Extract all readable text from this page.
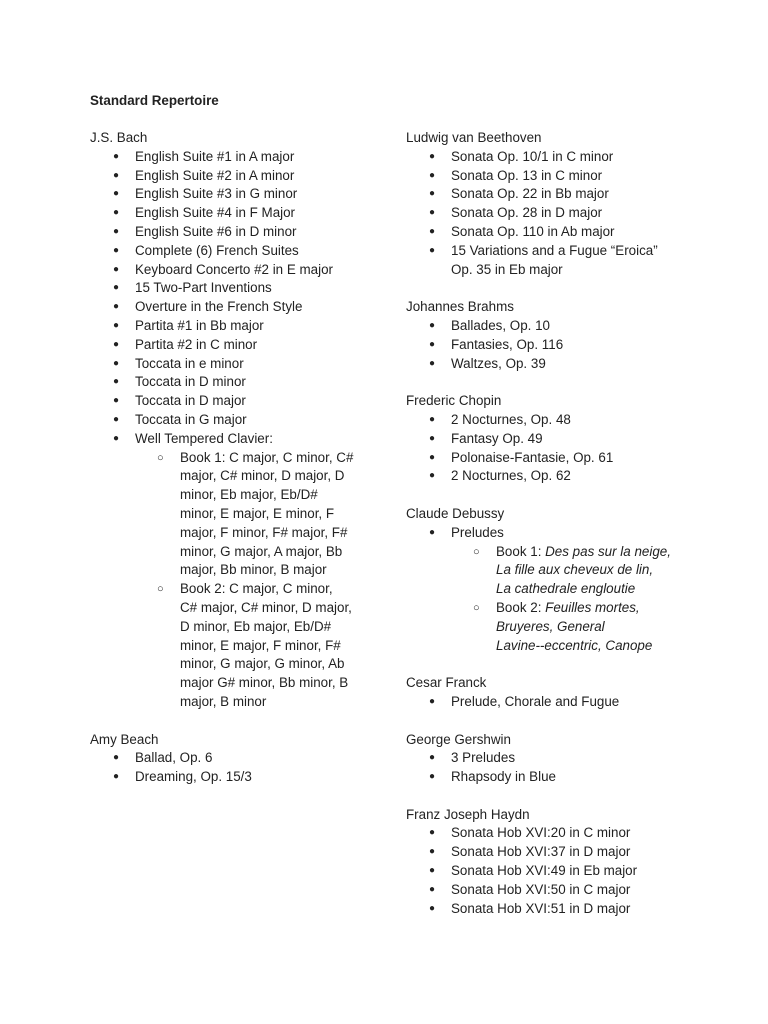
Standard Repertoire
J.S. Bach
● English Suite #1 in A major
● English Suite #2 in A minor
● English Suite #3 in G minor
● English Suite #4 in F Major
● English Suite #6 in D minor
● Complete (6) French Suites
● Keyboard Concerto #2 in E major
● 15 Two-Part Inventions
● Overture in the French Style
● Partita #1 in Bb major
● Partita #2 in C minor
● Toccata in e minor
● Toccata in D minor
● Toccata in D major
● Toccata in G major
● Well Tempered Clavier:
○ Book 1: C major, C minor, C#
major, C# minor, D major, D
minor, Eb major, Eb/D#
minor, E major, E minor, F
major, F minor, F# major, F#
minor, G major, A major, Bb
major, Bb minor, B major
○ Book 2: C major, C minor,
C# major, C# minor, D major,
D minor, Eb major, Eb/D#
minor, E major, F minor, F#
minor, G major, G minor, Ab
major G# minor, Bb minor, B
major, B minor
Amy Beach
● Ballad, Op. 6
● Dreaming, Op. 15/3
Ludwig van Beethoven
● Sonata Op. 10/1 in C minor
● Sonata Op. 13 in C minor
● Sonata Op. 22 in Bb major
● Sonata Op. 28 in D major
● Sonata Op. 110 in Ab major
● 15 Variations and a Fugue “Eroica”
Op. 35 in Eb major
Johannes Brahms
● Ballades, Op. 10
● Fantasies, Op. 116
● Waltzes, Op. 39
Frederic Chopin
● 2 Nocturnes, Op. 48
● Fantasy Op. 49
● Polonaise-Fantasie, Op. 61
● 2 Nocturnes, Op. 62
Claude Debussy
● Preludes
○ Book 1: Des pas sur la neige,
La fille aux cheveux de lin,
La cathedrale engloutie
○ Book 2: Feuilles mortes,
Bruyeres, General
Lavine--eccentric, Canope
Cesar Franck
● Prelude, Chorale and Fugue
George Gershwin
● 3 Preludes
● Rhapsody in Blue
Franz Joseph Haydn
● Sonata Hob XVI:20 in C minor
● Sonata Hob XVI:37 in D major
● Sonata Hob XVI:49 in Eb major
● Sonata Hob XVI:50 in C major
● Sonata Hob XVI:51 in D major
